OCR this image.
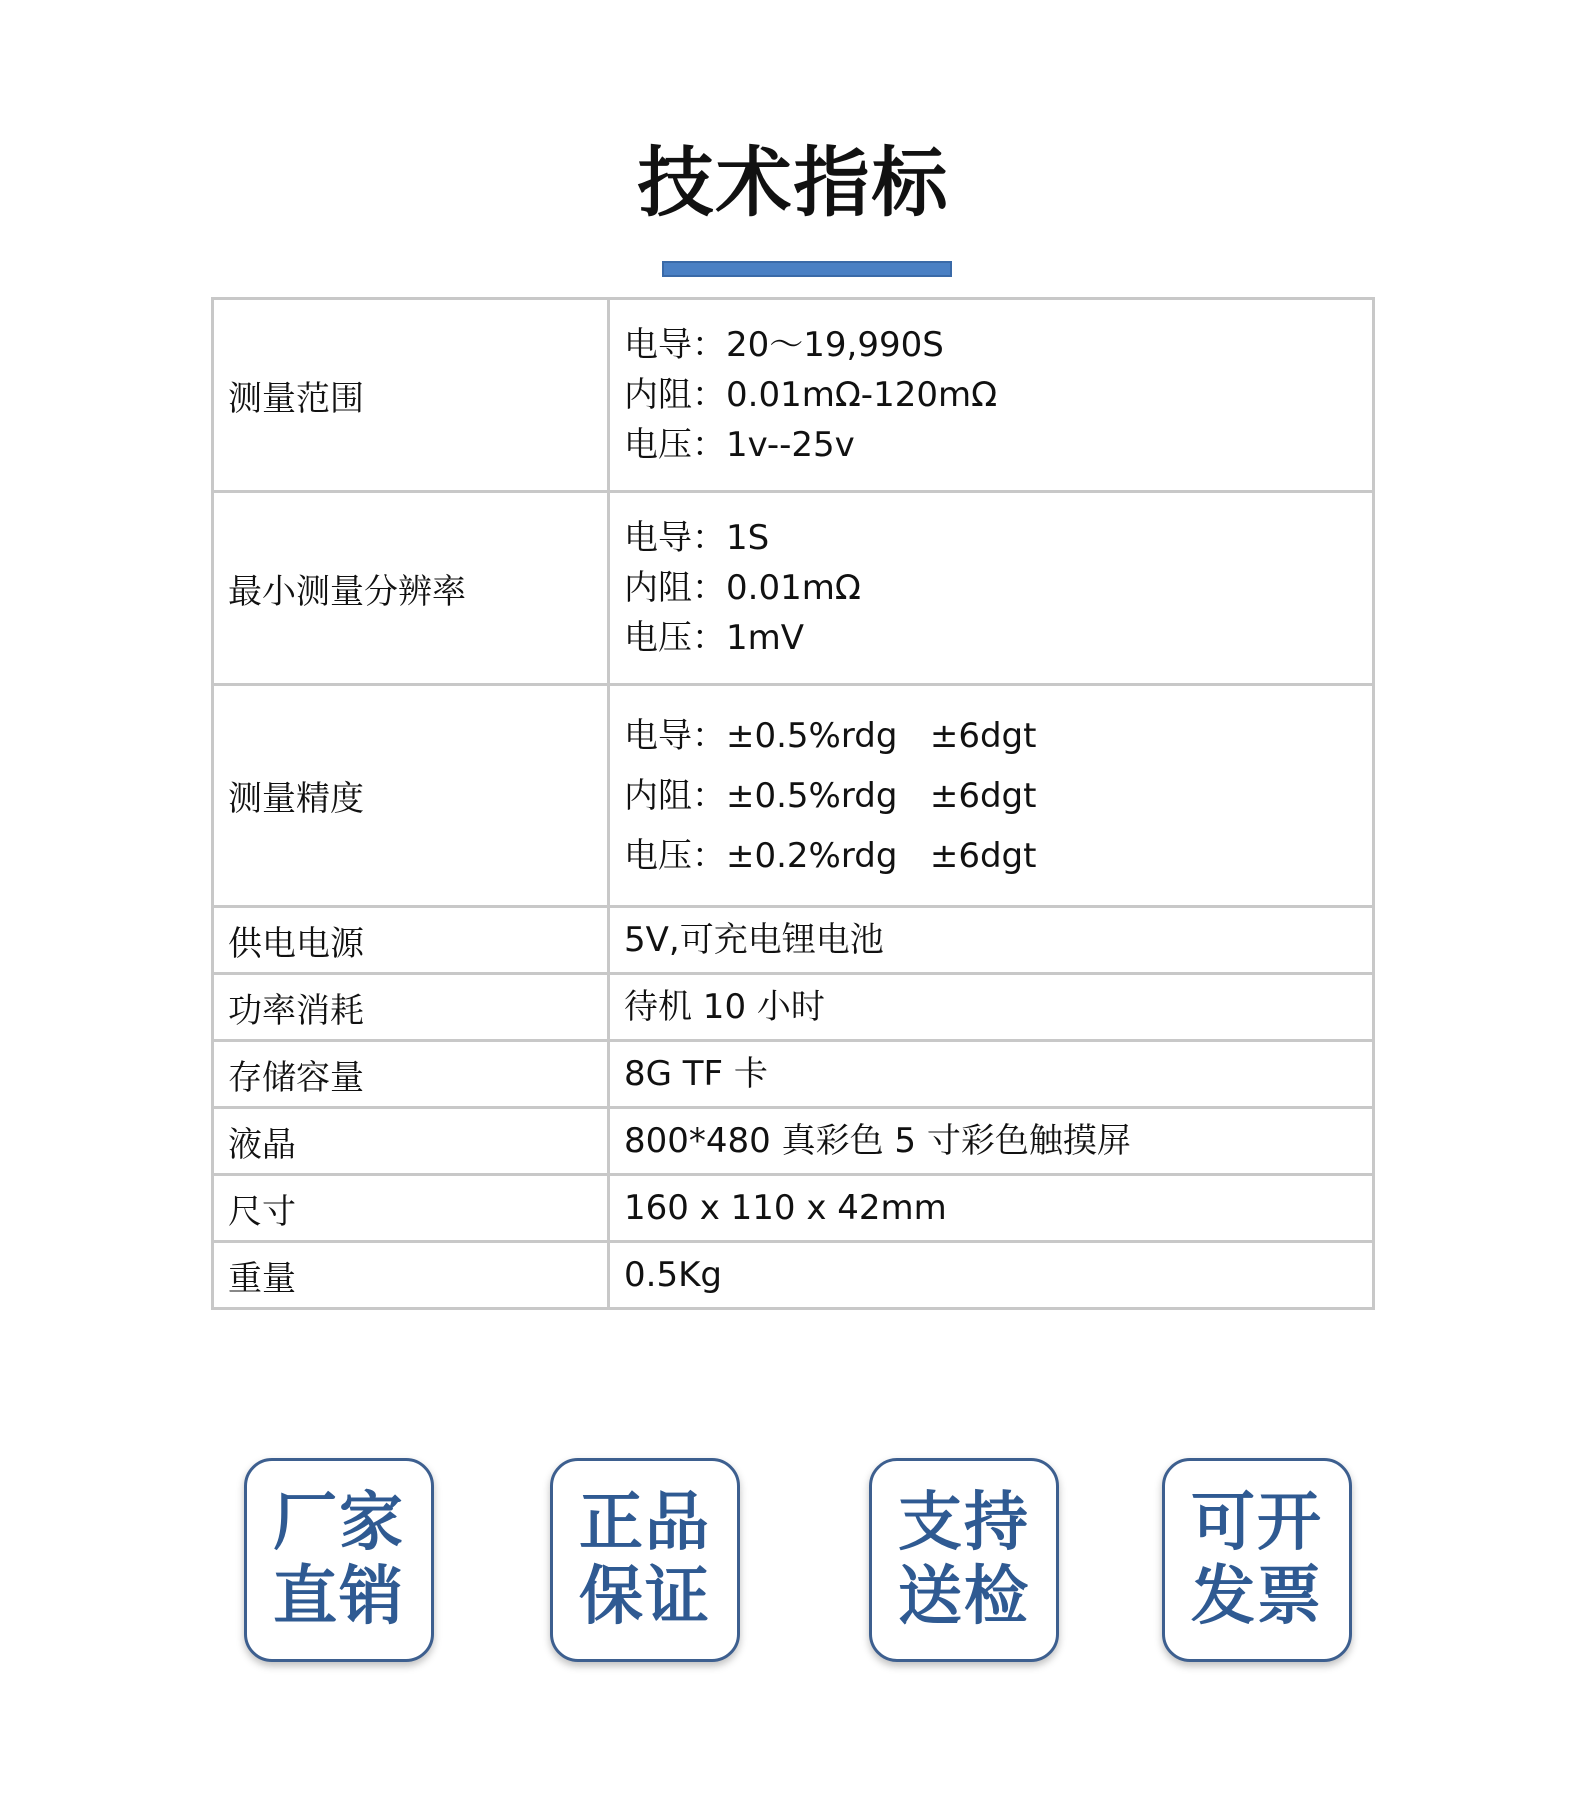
技术指标
测量范围	电导：20～19,990S
内阻：0.01mΩ-120mΩ
电压：1v--25v

最小测量分辨率	电导：1S
内阻：0.01mΩ
电压：1mV

测量精度	电导：±0.5%rdg   ±6dgt
内阻：±0.5%rdg   ±6dgt
电压：±0.2%rdg   ±6dgt

供电电源	5V,可充电锂电池

功率消耗	待机 10 小时

存储容量	8G TF 卡

液晶	800*480 真彩色 5 寸彩色触摸屏

尺寸	160 x 110 x 42mm

重量	0.5Kg
厂家
直销
正品
保证
支持
送检
可开
发票
